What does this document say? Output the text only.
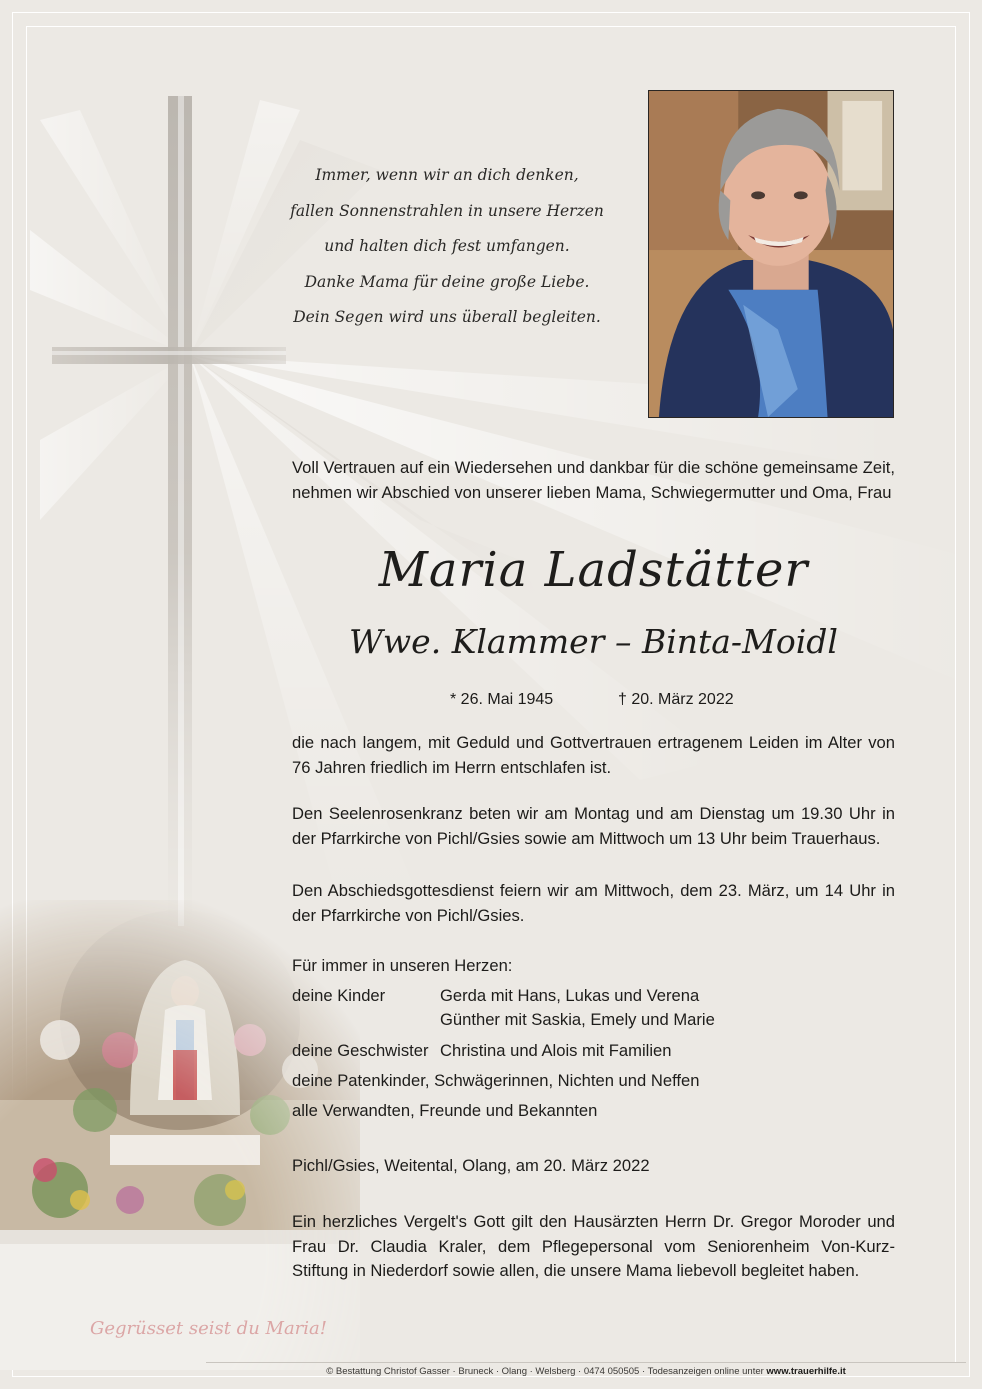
Gegrüsset seist du Maria!
Immer, wenn wir an dich denken,
fallen Sonnenstrahlen in unsere Herzen
und halten dich fest umfangen.
Danke Mama für deine große Liebe.
Dein Segen wird uns überall begleiten.
Voll Vertrauen auf ein Wiedersehen und dankbar für die schöne gemeinsame Zeit, nehmen wir Abschied von unserer lieben Mama, Schwiegermutter und Oma, Frau
Maria Ladstätter
Wwe. Klammer – Binta-Moidl
* 26. Mai 1945	† 20. März 2022
die nach langem, mit Geduld und Gottvertrauen ertragenem Leiden im Alter von 76 Jahren friedlich im Herrn entschlafen ist.
Den Seelenrosenkranz beten wir am Montag und am Dienstag um 19.30 Uhr in der Pfarrkirche von Pichl/Gsies sowie am Mittwoch um 13 Uhr beim Trauerhaus.
Den Abschiedsgottesdienst feiern wir am Mittwoch, dem 23. März, um 14 Uhr in der Pfarrkirche von Pichl/Gsies.
Für immer in unseren Herzen:
deine Kinder	Gerda mit Hans, Lukas und Verena
Günther mit Saskia, Emely und Marie
deine Geschwister Christina und Alois mit Familien
deine Patenkinder, Schwägerinnen, Nichten und Neffen
alle Verwandten, Freunde und Bekannten
Pichl/Gsies, Weitental, Olang, am 20. März 2022
Ein herzliches Vergelt's Gott gilt den Hausärzten Herrn Dr. Gregor Moroder und Frau Dr. Claudia Kraler, dem Pflegepersonal vom Seniorenheim Von-Kurz-Stiftung in Niederdorf sowie allen, die unsere Mama liebevoll begleitet haben.
© Bestattung Christof Gasser · Bruneck · Olang · Welsberg · 0474 050505 · Todesanzeigen online unter www.trauerhilfe.it
